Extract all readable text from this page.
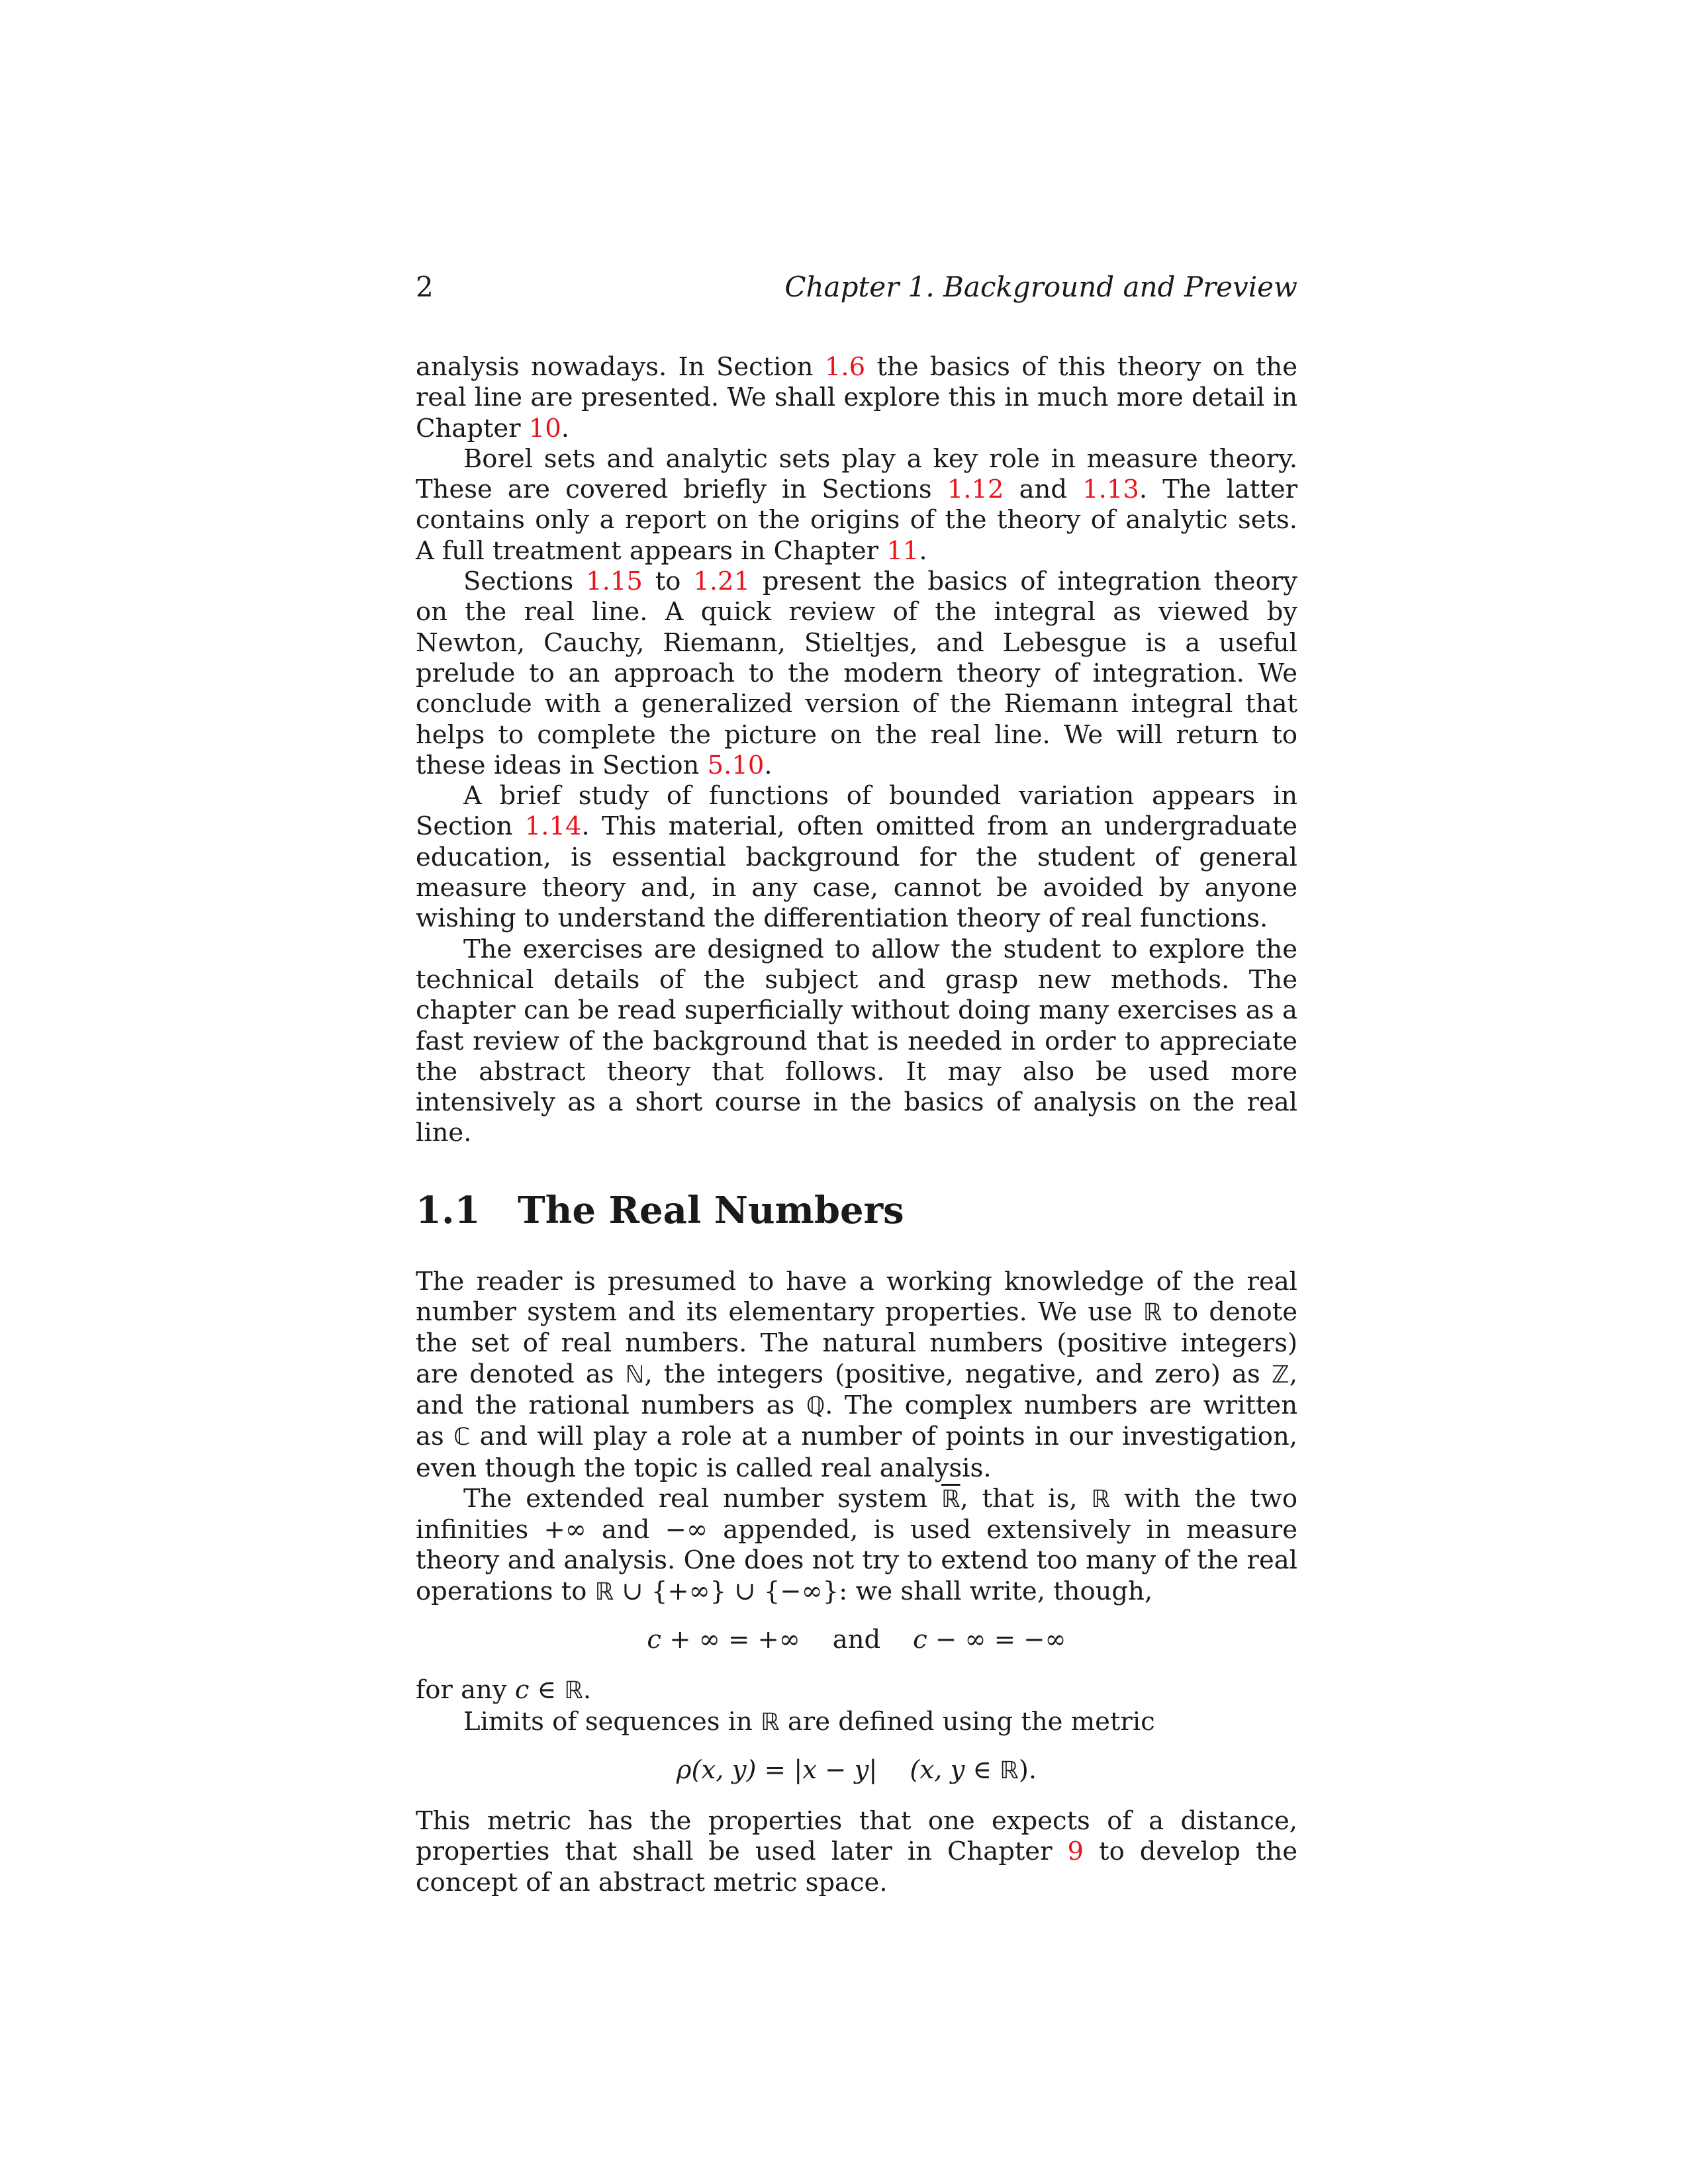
2	Chapter 1. Background and Preview

analysis nowadays. In Section 1.6 the basics of this theory on the real line are presented. We shall explore this in much more detail in Chapter 10.

Borel sets and analytic sets play a key role in measure theory. These are covered briefly in Sections 1.12 and 1.13. The latter contains only a report on the origins of the theory of analytic sets. A full treatment appears in Chapter 11.

Sections 1.15 to 1.21 present the basics of integration theory on the real line. A quick review of the integral as viewed by Newton, Cauchy, Riemann, Stieltjes, and Lebesgue is a useful prelude to an approach to the modern theory of integration. We conclude with a generalized version of the Riemann integral that helps to complete the picture on the real line. We will return to these ideas in Section 5.10.

A brief study of functions of bounded variation appears in Section 1.14. This material, often omitted from an undergraduate education, is essential background for the student of general measure theory and, in any case, cannot be avoided by anyone wishing to understand the differentiation theory of real functions.

The exercises are designed to allow the student to explore the technical details of the subject and grasp new methods. The chapter can be read superficially without doing many exercises as a fast review of the background that is needed in order to appreciate the abstract theory that follows. It may also be used more intensively as a short course in the basics of analysis on the real line.

1.1 The Real Numbers

The reader is presumed to have a working knowledge of the real number system and its elementary properties. We use ℝ to denote the set of real numbers. The natural numbers (positive integers) are denoted as ℕ, the integers (positive, negative, and zero) as ℤ, and the rational numbers as ℚ. The complex numbers are written as ℂ and will play a role at a number of points in our investigation, even though the topic is called real analysis.

The extended real number system ℝ, that is, ℝ with the two infinities +∞ and −∞ appended, is used extensively in measure theory and analysis. One does not try to extend too many of the real operations to ℝ ∪ {+∞} ∪ {−∞}: we shall write, though,

c + ∞ = +∞ and c − ∞ = −∞

for any c ∈ ℝ.

Limits of sequences in ℝ are defined using the metric

ρ(x, y) = |x − y| (x, y ∈ ℝ).

This metric has the properties that one expects of a distance, properties that shall be used later in Chapter 9 to develop the concept of an abstract metric space.
